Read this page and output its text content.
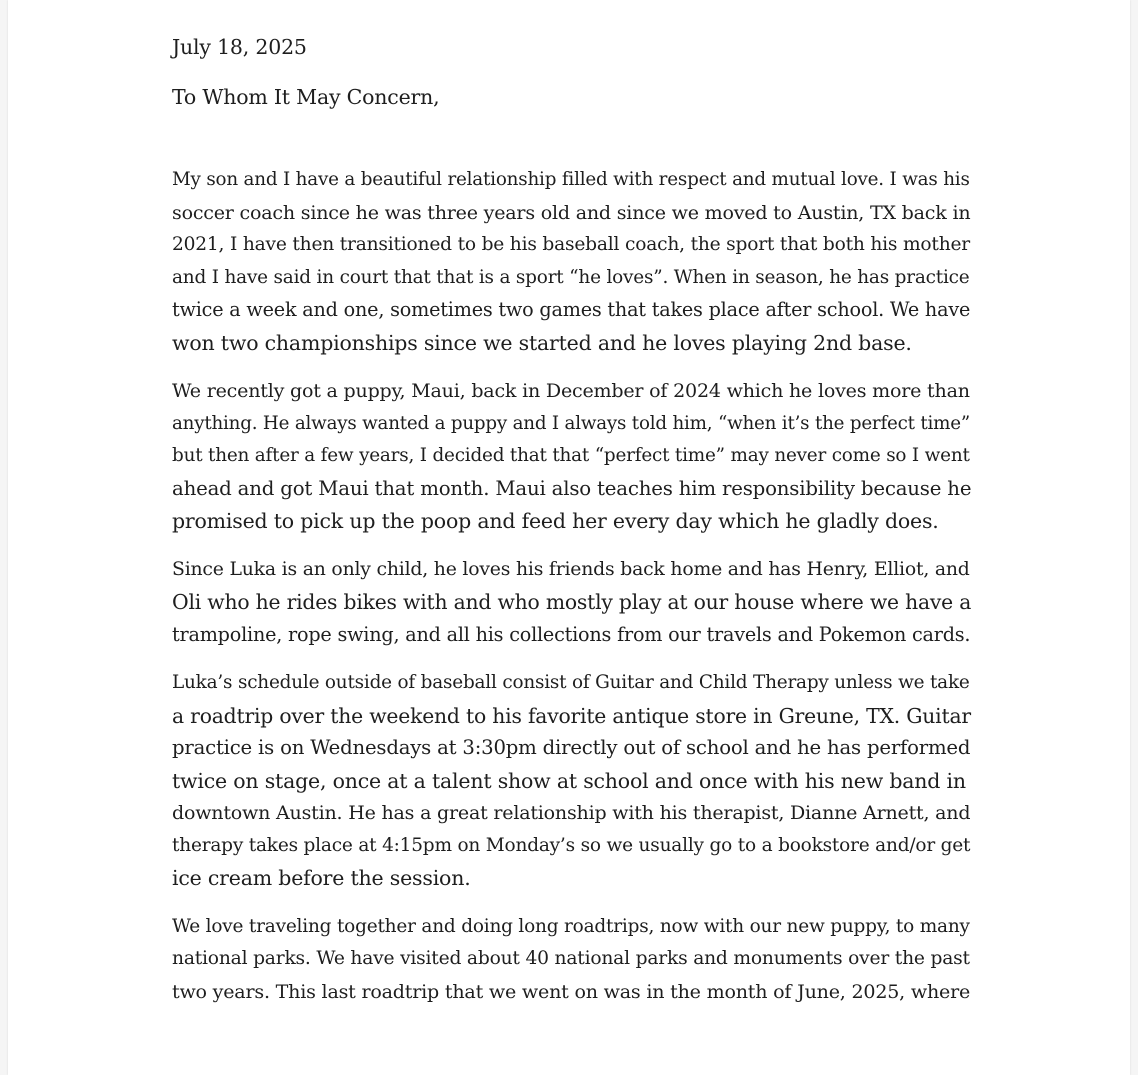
July 18, 2025

To Whom It May Concern,

My son and I have a beautiful relationship filled with respect and mutual love. I was his
soccer coach since he was three years old and since we moved to Austin, TX back in
2021, I have then transitioned to be his baseball coach, the sport that both his mother
and I have said in court that that is a sport “he loves”. When in season, he has practice
twice a week and one, sometimes two games that takes place after school. We have
won two championships since we started and he loves playing 2nd base.

We recently got a puppy, Maui, back in December of 2024 which he loves more than
anything. He always wanted a puppy and I always told him, “when it’s the perfect time”
but then after a few years, I decided that that “perfect time” may never come so I went
ahead and got Maui that month. Maui also teaches him responsibility because he
promised to pick up the poop and feed her every day which he gladly does.

Since Luka is an only child, he loves his friends back home and has Henry, Elliot, and
Oli who he rides bikes with and who mostly play at our house where we have a
trampoline, rope swing, and all his collections from our travels and Pokemon cards.

Luka’s schedule outside of baseball consist of Guitar and Child Therapy unless we take
a roadtrip over the weekend to his favorite antique store in Greune, TX. Guitar
practice is on Wednesdays at 3:30pm directly out of school and he has performed
twice on stage, once at a talent show at school and once with his new band in
downtown Austin. He has a great relationship with his therapist, Dianne Arnett, and
therapy takes place at 4:15pm on Monday’s so we usually go to a bookstore and/or get
ice cream before the session.

We love traveling together and doing long roadtrips, now with our new puppy, to many
national parks. We have visited about 40 national parks and monuments over the past
two years. This last roadtrip that we went on was in the month of June, 2025, where
